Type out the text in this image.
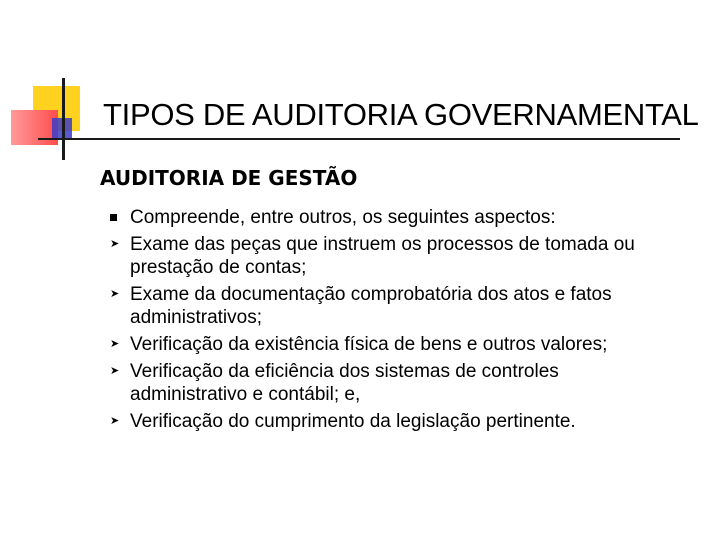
TIPOS DE AUDITORIA GOVERNAMENTAL
AUDITORIA DE GESTÃO
Compreende, entre outros, os seguintes aspectos:
➤ Exame das peças que instruem os processos de tomada ou prestação de contas;
➤ Exame da documentação comprobatória dos atos e fatos administrativos;
➤ Verificação da existência física de bens e outros valores;
➤ Verificação da eficiência dos sistemas de controles administrativo e contábil; e,
➤ Verificação do cumprimento da legislação pertinente.
